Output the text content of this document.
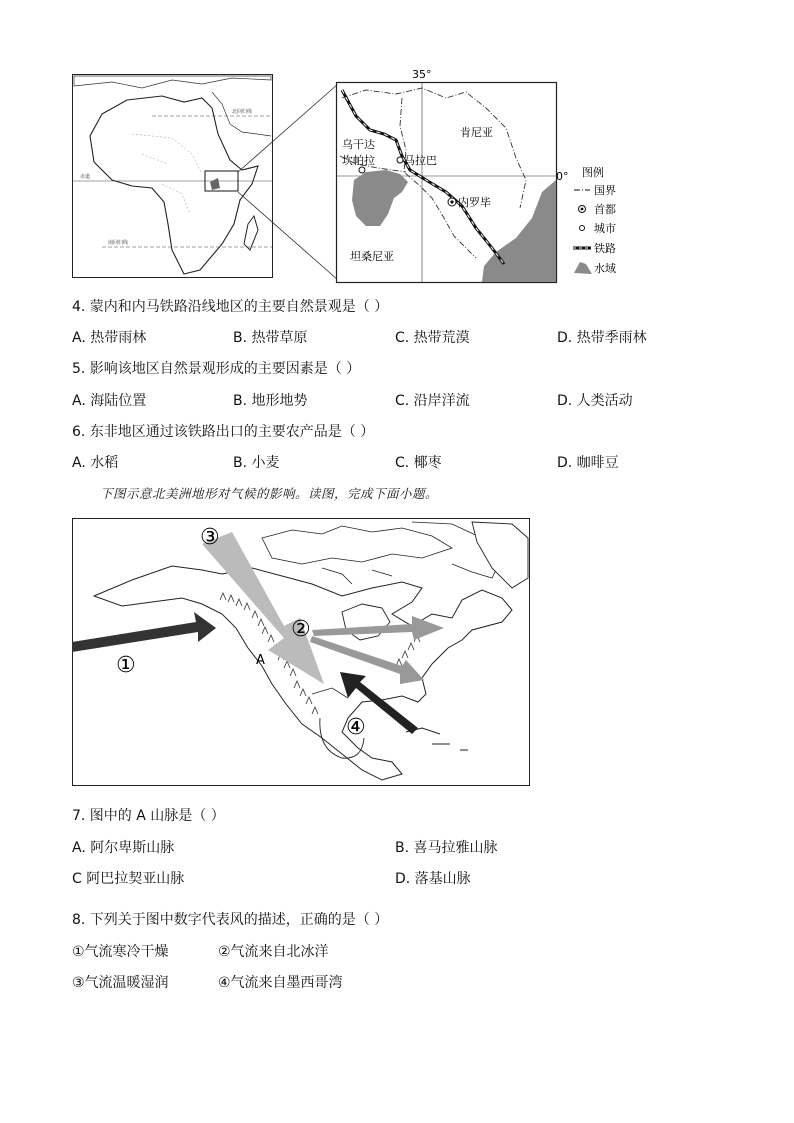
北回归线
赤道
南回归线
35°
0°
肯尼亚
乌干达
坎帕拉	马拉巴
内罗毕
坦桑尼亚
图例
国界
首都
城市
铁路
水域
4. 蒙内和内马铁路沿线地区的主要自然景观是（ ）
A. 热带雨林	B. 热带草原	C. 热带荒漠	D. 热带季雨林
5. 影响该地区自然景观形成的主要因素是（ ）
A. 海陆位置	B. 地形地势	C. 沿岸洋流	D. 人类活动
6. 东非地区通过该铁路出口的主要农产品是（ ）
A. 水稻	B. 小麦	C. 椰枣	D. 咖啡豆
下图示意北美洲地形对气候的影响。读图，完成下面小题。
③
②
①
④
A
7. 图中的 A 山脉是（ ）
A. 阿尔卑斯山脉	B. 喜马拉雅山脉
C 阿巴拉契亚山脉	D. 落基山脉
8. 下列关于图中数字代表风的描述，正确的是（ ）
①气流寒冷干燥	②气流来自北冰洋
③气流温暖湿润	④气流来自墨西哥湾
